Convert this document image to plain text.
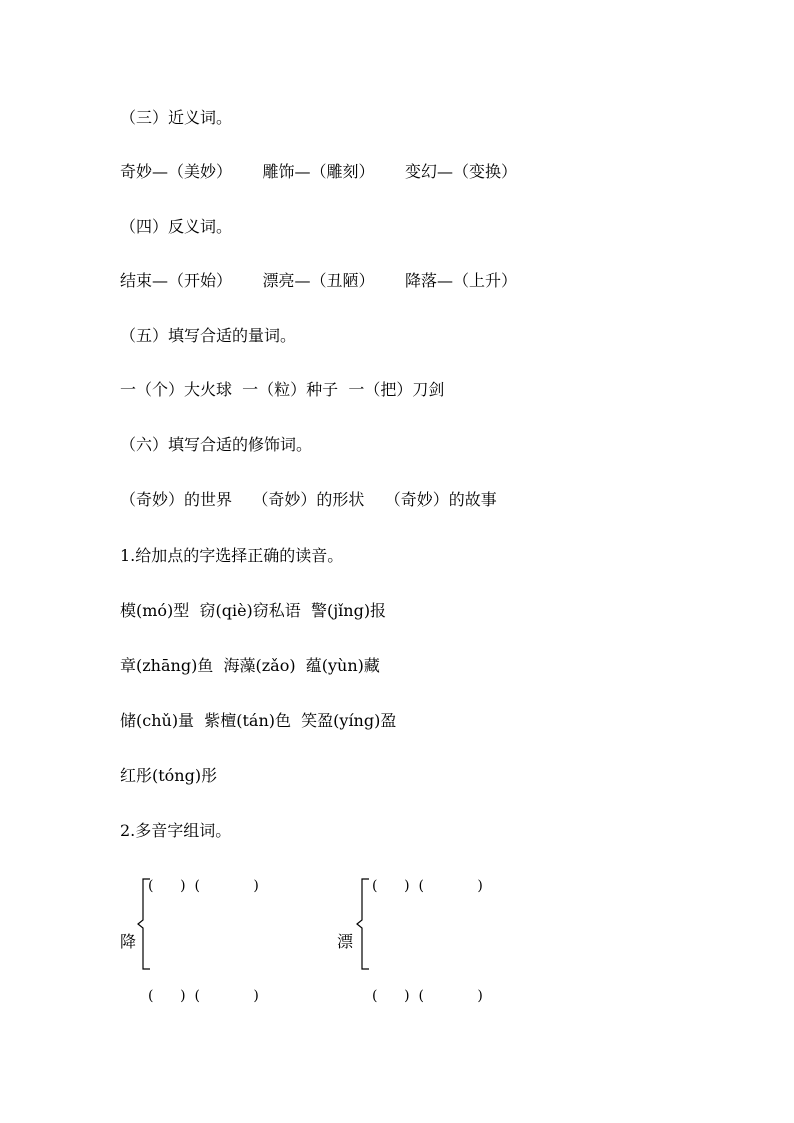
（三）近义词。
奇妙—（美妙）      雕饰—（雕刻）      变幻—（变换）
（四）反义词。
结束—（开始）      漂亮—（丑陋）      降落—（上升）
（五）填写合适的量词。
一（个）大火球  一（粒）种子  一（把）刀剑
（六）填写合适的修饰词。
（奇妙）的世界    （奇妙）的形状    （奇妙）的故事
1.给加点的字选择正确的读音。
模(mó)型  窃(qiè)窃私语  警(jǐng)报
章(zhāng)鱼  海藻(zǎo)  蕴(yùn)藏
储(chǔ)量  紫檀(tán)色  笑盈(yíng)盈
红彤(tóng)彤
2.多音字组词。
(      )  (            )
降
(      )  (            )
(      )  (            )
漂
(      )  (            )
